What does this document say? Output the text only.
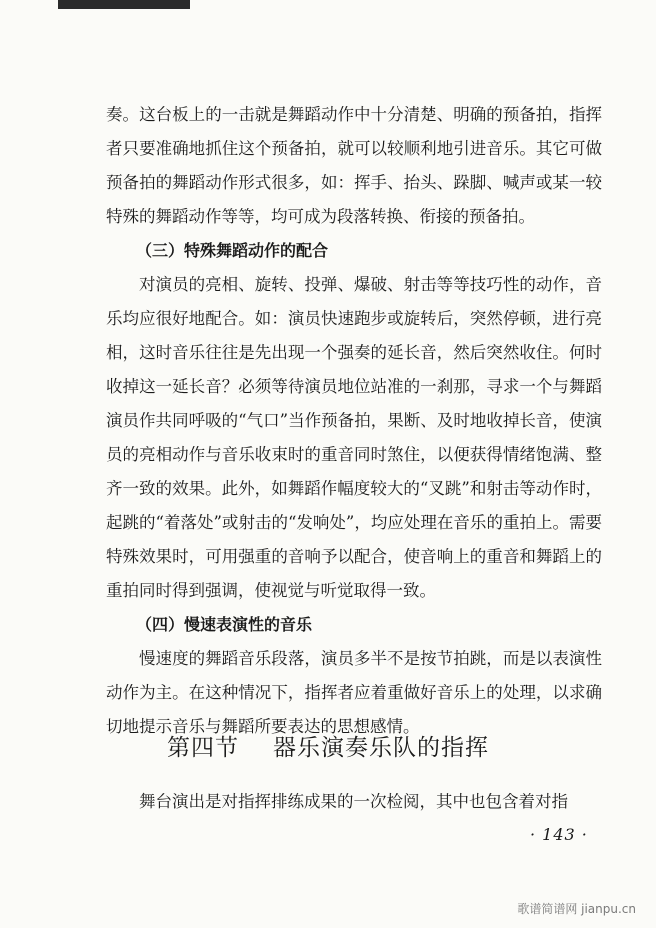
奏。这台板上的一击就是舞蹈动作中十分清楚、明确的预备拍，指挥者只要准确地抓住这个预备拍，就可以较顺利地引进音乐。其它可做预备拍的舞蹈动作形式很多，如：挥手、抬头、跺脚、喊声或某一较特殊的舞蹈动作等等，均可成为段落转换、衔接的预备拍。

（三）特殊舞蹈动作的配合

对演员的亮相、旋转、投弹、爆破、射击等等技巧性的动作，音乐均应很好地配合。如：演员快速跑步或旋转后，突然停顿，进行亮相，这时音乐往往是先出现一个强奏的延长音，然后突然收住。何时收掉这一延长音？必须等待演员地位站准的一刹那，寻求一个与舞蹈演员作共同呼吸的“气口”当作预备拍，果断、及时地收掉长音，使演员的亮相动作与音乐收束时的重音同时煞住，以便获得情绪饱满、整齐一致的效果。此外，如舞蹈作幅度较大的“叉跳”和射击等动作时，起跳的“着落处”或射击的“发响处”，均应处理在音乐的重拍上。需要特殊效果时，可用强重的音响予以配合，使音响上的重音和舞蹈上的重拍同时得到强调，使视觉与听觉取得一致。

（四）慢速表演性的音乐

慢速度的舞蹈音乐段落，演员多半不是按节拍跳，而是以表演性动作为主。在这种情况下，指挥者应着重做好音乐上的处理，以求确切地提示音乐与舞蹈所要表达的思想感情。

第四节 器乐演奏乐队的指挥

舞台演出是对指挥排练成果的一次检阅，其中也包含着对指

· 143 ·
歌谱简谱网 jianpu.cn
